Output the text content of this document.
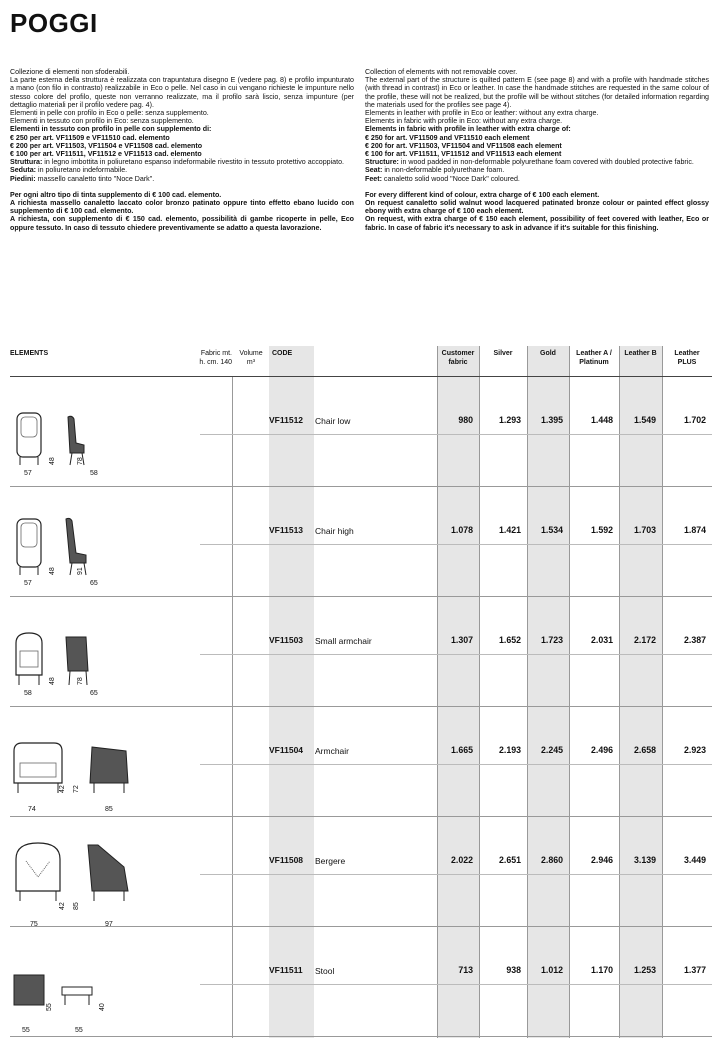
POGGI

Collezione di elementi non sfoderabili.

La parte esterna della struttura è realizzata con trapuntatura disegno E (vedere pag. 8) e profilo impunturato a mano (con filo in contrasto) realizzabile in Eco o pelle. Nel caso in cui vengano richieste le impunture nello stesso colore del profilo, queste non verranno realizzate, ma il profilo sarà liscio, senza impunture (per dettaglio materiali per il profilo vedere pag. 4).

Elementi in pelle con profilo in Eco o pelle: senza supplemento.

Elementi in tessuto con profilo in Eco: senza supplemento.

Elementi in tessuto con profilo in pelle con supplemento di:

€ 250 per art. VF11509 e VF11510 cad. elemento

€ 200 per art. VF11503, VF11504 e VF11508 cad. elemento

€ 100 per art. VF11511, VF11512 e VF11513 cad. elemento

Struttura: in legno imbottita in poliuretano espanso indeformabile rivestito in tessuto protettivo accoppiato.

Seduta: in poliuretano indeformabile.

Piedini: massello canaletto tinto "Noce Dark".

Per ogni altro tipo di tinta supplemento di € 100 cad. elemento.

A richiesta massello canaletto laccato color bronzo patinato oppure tinto effetto ebano lucido con supplemento di € 100 cad. elemento.

A richiesta, con supplemento di € 150 cad. elemento, possibilità di gambe ricoperte in pelle, Eco oppure tessuto. In caso di tessuto chiedere preventivamente se adatto a questa lavorazione.

Collection of elements with not removable cover.

The external part of the structure is quilted pattern E (see page 8) and with a profile with handmade stitches (with thread in contrast) in Eco or leather. In case the handmade stitches are requested in the same colour of the profile, these will not be realized, but the profile will be without stitches (for detailed information regarding the materials used for the profiles see page 4).

Elements in leather with profile in Eco or leather: without any extra charge.

Elements in fabric with profile in Eco: without any extra charge.

Elements in fabric with profile in leather with extra charge of:

€ 250 for art. VF11509 and VF11510 each element

€ 200 for art. VF11503, VF11504 and VF11508 each element

€ 100 for art. VF11511, VF11512 and VF11513 each element

Structure: in wood padded in non-deformable polyurethane foam covered with doubled protective fabric.

Seat: in non-deformable polyurethane foam.

Feet: canaletto solid wood "Noce Dark" coloured.

For every different kind of colour, extra charge of € 100 each element.

On request canaletto solid walnut wood lacquered patinated bronze colour or painted effect glossy ebony with extra charge of € 100 each element.

On request, with extra charge of € 150 each element, possibility of feet covered with leather, Eco or fabric. In case of fabric it's necessary to ask in advance if it's suitable for this finishing.

ELEMENTS	Fabric mt.
h. cm. 140
Volume
m³
CODE	Customer
fabric
Silver	Gold	Leather A /
Platinum
Leather B	Leather
PLUS
VF11512 Chair low	980	1.293	1.395	1.448	1.549	1.702
57	58
48	78
VF11513 Chair high	1.078	1.421	1.534	1.592	1.703	1.874
57	65
48	91
VF11503 Small armchair	1.307	1.652	1.723	2.031	2.172	2.387
58	65
48	78
VF11504 Armchair	1.665	2.193	2.245	2.496	2.658	2.923
74	85
42 72
VF11508 Bergere	2.022	2.651	2.860	2.946	3.139	3.449
75	97
42 85
VF11511 Stool	713	938	1.012	1.170	1.253	1.377
55	55
55	40
